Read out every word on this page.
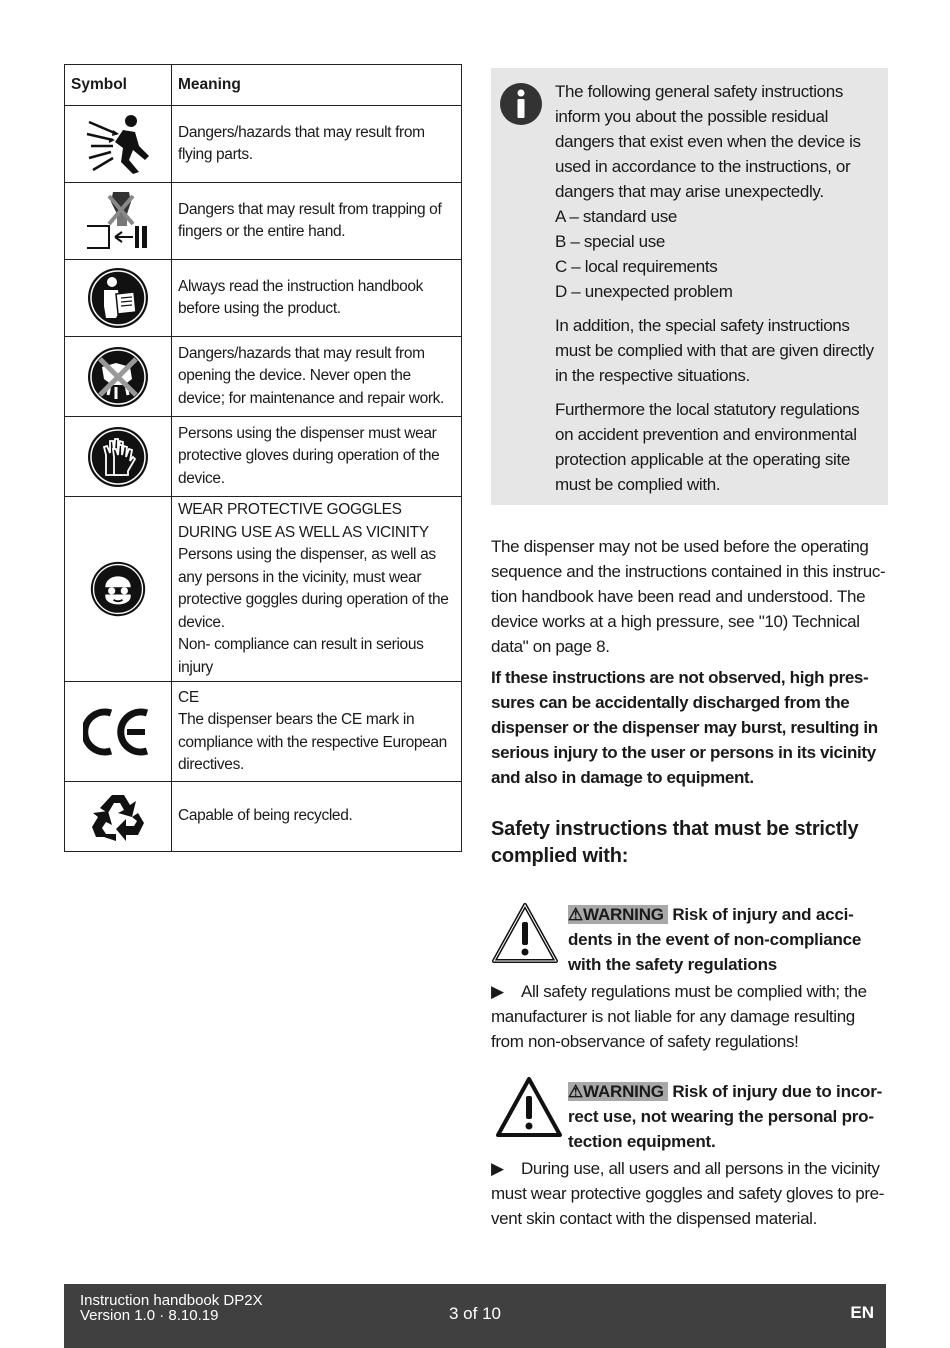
Symbol	Meaning

	Dangers/hazards that may result from flying parts.

	Dangers that may result from trapping of fingers or the entire hand.

	Always read the instruction handbook before using the product.

	Dangers/hazards that may result from opening the device. Never open the device; for maintenance and repair work.

	Persons using the dispenser must wear protective gloves during operation of the device.

WEAR PROTECTIVE GOGGLES DURING USE AS WELL AS VICINITY
Persons using the dispenser, as well as any persons in the vicinity, must wear protective goggles during operation of the device.
Non- compliance can result in serious injury

CE
The dispenser bears the CE mark in compliance with the respective European directives.

	Capable of being recycled.

The following general safety instructions inform you about the possible residual dangers that exist even when the device is used in accordance to the instructions, or dangers that may arise unexpectedly.

A – standard use

B – special use

C – local requirements

D – unexpected problem

In addition, the special safety instructions must be complied with that are given directly in the respective situations.

Furthermore the local statutory regulations on accident prevention and environmental protection applicable at the operating site must be complied with.

The dispenser may not be used before the operating sequence and the instructions contained in this instruc-tion handbook have been read and understood. The device works at a high pressure, see "10) Technical data" on page 8.

If these instructions are not observed, high pres-sures can be accidentally discharged from the dispenser or the dispenser may burst, resulting in serious injury to the user or persons in its vicinity and also in damage to equipment.

Safety instructions that must be strictly complied with:

⚠WARNING Risk of injury and acci-dents in the event of non-compliance with the safety regulations

▶ All safety regulations must be complied with; the manufacturer is not liable for any damage resulting from non-observance of safety regulations!

⚠WARNING Risk of injury due to incor-rect use, not wearing the personal pro-tection equipment.

▶ During use, all users and all persons in the vicinity must wear protective goggles and safety gloves to pre-vent skin contact with the dispensed material.

Instruction handbook DP2X
Version 1.0 · 8.10.19	3 of 10	EN
